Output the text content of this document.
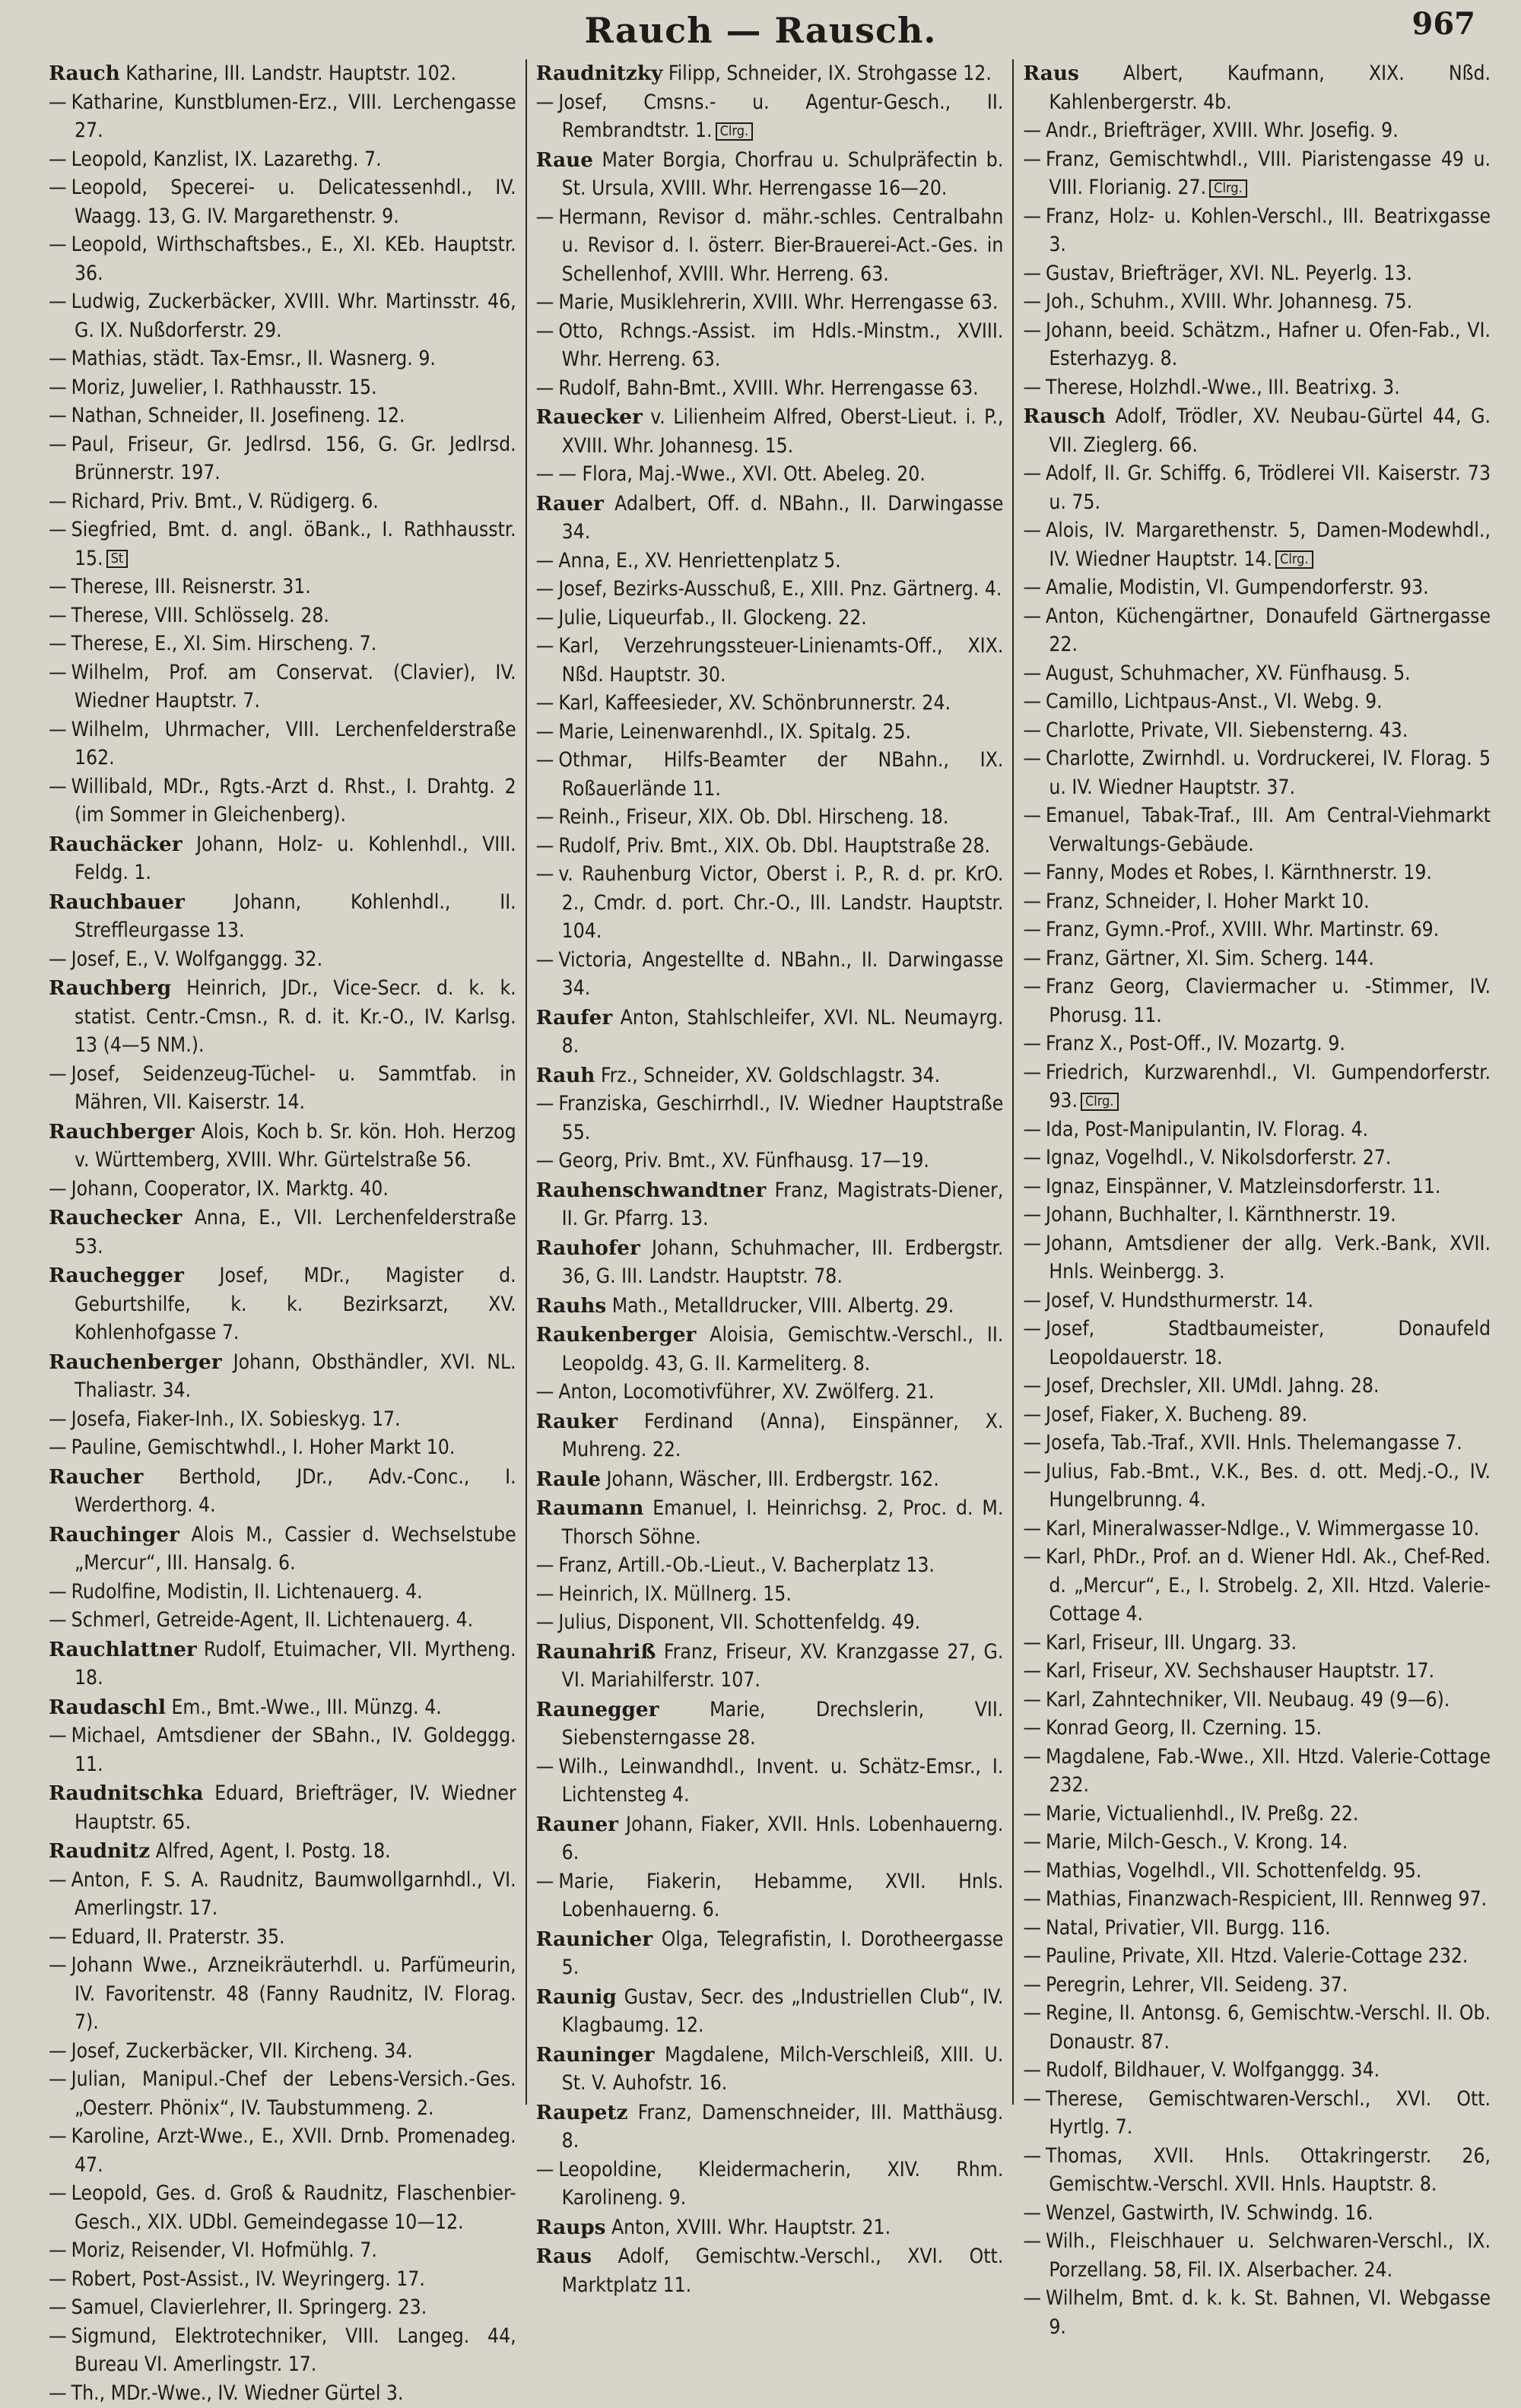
Rauch — Rausch.	967
Rauch Katharine, III. Landstr. Hauptstr. 102.
— Katharine, Kunstblumen-Erz., VIII. Lerchengasse 27.
— Leopold, Kanzlist, IX. Lazarethg. 7.
— Leopold, Specerei- u. Delicatessenhdl., IV. Waagg. 13, G. IV. Margarethenstr. 9.
— Leopold, Wirthschaftsbes., E., XI. KEb. Hauptstr. 36.
— Ludwig, Zuckerbäcker, XVIII. Whr. Martinsstr. 46, G. IX. Nußdorferstr. 29.
— Mathias, städt. Tax-Emsr., II. Wasnerg. 9.
— Moriz, Juwelier, I. Rathhausstr. 15.
— Nathan, Schneider, II. Josefineng. 12.
— Paul, Friseur, Gr. Jedlrsd. 156, G. Gr. Jedlrsd. Brünnerstr. 197.
— Richard, Priv. Bmt., V. Rüdigerg. 6.
— Siegfried, Bmt. d. angl. öBank., I. Rathhausstr. 15. St
— Therese, III. Reisnerstr. 31.
— Therese, VIII. Schlösselg. 28.
— Therese, E., XI. Sim. Hirscheng. 7.
— Wilhelm, Prof. am Conservat. (Clavier), IV. Wiedner Hauptstr. 7.
— Wilhelm, Uhrmacher, VIII. Lerchenfelderstraße 162.
— Willibald, MDr., Rgts.-Arzt d. Rhst., I. Drahtg. 2 (im Sommer in Gleichenberg).
Rauchäcker Johann, Holz- u. Kohlenhdl., VIII. Feldg. 1.
Rauchbauer Johann, Kohlenhdl., II. Streffleurgasse 13.
— Josef, E., V. Wolfganggg. 32.
Rauchberg Heinrich, JDr., Vice-Secr. d. k. k. statist. Centr.-Cmsn., R. d. it. Kr.-O., IV. Karlsg. 13 (4—5 NM.).
— Josef, Seidenzeug-Tüchel- u. Sammtfab. in Mähren, VII. Kaiserstr. 14.
Rauchberger Alois, Koch b. Sr. kön. Hoh. Herzog v. Württemberg, XVIII. Whr. Gürtelstraße 56.
— Johann, Cooperator, IX. Marktg. 40.
Rauchecker Anna, E., VII. Lerchenfelderstraße 53.
Rauchegger Josef, MDr., Magister d. Geburtshilfe, k. k. Bezirksarzt, XV. Kohlenhofgasse 7.
Rauchenberger Johann, Obsthändler, XVI. NL. Thaliastr. 34.
— Josefa, Fiaker-Inh., IX. Sobieskyg. 17.
— Pauline, Gemischtwhdl., I. Hoher Markt 10.
Raucher Berthold, JDr., Adv.-Conc., I. Werderthorg. 4.
Rauchinger Alois M., Cassier d. Wechselstube „Mercur“, III. Hansalg. 6.
— Rudolfine, Modistin, II. Lichtenauerg. 4.
— Schmerl, Getreide-Agent, II. Lichtenauerg. 4.
Rauchlattner Rudolf, Etuimacher, VII. Myrtheng. 18.
Raudaschl Em., Bmt.-Wwe., III. Münzg. 4.
— Michael, Amtsdiener der SBahn., IV. Goldeggg. 11.
Raudnitschka Eduard, Briefträger, IV. Wiedner Hauptstr. 65.
Raudnitz Alfred, Agent, I. Postg. 18.
— Anton, F. S. A. Raudnitz, Baumwollgarnhdl., VI. Amerlingstr. 17.
— Eduard, II. Praterstr. 35.
— Johann Wwe., Arzneikräuterhdl. u. Parfümeurin, IV. Favoritenstr. 48 (Fanny Raudnitz, IV. Florag. 7).
— Josef, Zuckerbäcker, VII. Kircheng. 34.
— Julian, Manipul.-Chef der Lebens-Versich.-Ges. „Oesterr. Phönix“, IV. Taubstummeng. 2.
— Karoline, Arzt-Wwe., E., XVII. Drnb. Promenadeg. 47.
— Leopold, Ges. d. Groß & Raudnitz, Flaschenbier-Gesch., XIX. UDbl. Gemeindegasse 10—12.
— Moriz, Reisender, VI. Hofmühlg. 7.
— Robert, Post-Assist., IV. Weyringerg. 17.
— Samuel, Clavierlehrer, II. Springerg. 23.
— Sigmund, Elektrotechniker, VIII. Langeg. 44, Bureau VI. Amerlingstr. 17.
— Th., MDr.-Wwe., IV. Wiedner Gürtel 3.
Raudnitzky Filipp, Schneider, IX. Strohgasse 12.
— Josef, Cmsns.- u. Agentur-Gesch., II. Rembrandtstr. 1. Clrg.
Raue Mater Borgia, Chorfrau u. Schulpräfectin b. St. Ursula, XVIII. Whr. Herrengasse 16—20.
— Hermann, Revisor d. mähr.-schles. Centralbahn u. Revisor d. I. österr. Bier-Brauerei-Act.-Ges. in Schellenhof, XVIII. Whr. Herreng. 63.
— Marie, Musiklehrerin, XVIII. Whr. Herrengasse 63.
— Otto, Rchngs.-Assist. im Hdls.-Minstm., XVIII. Whr. Herreng. 63.
— Rudolf, Bahn-Bmt., XVIII. Whr. Herrengasse 63.
Rauecker v. Lilienheim Alfred, Oberst-Lieut. i. P., XVIII. Whr. Johannesg. 15.
— — Flora, Maj.-Wwe., XVI. Ott. Abeleg. 20.
Rauer Adalbert, Off. d. NBahn., II. Darwingasse 34.
— Anna, E., XV. Henriettenplatz 5.
— Josef, Bezirks-Ausschuß, E., XIII. Pnz. Gärtnerg. 4.
— Julie, Liqueurfab., II. Glockeng. 22.
— Karl, Verzehrungssteuer-Linienamts-Off., XIX. Nßd. Hauptstr. 30.
— Karl, Kaffeesieder, XV. Schönbrunnerstr. 24.
— Marie, Leinenwarenhdl., IX. Spitalg. 25.
— Othmar, Hilfs-Beamter der NBahn., IX. Roßauerlände 11.
— Reinh., Friseur, XIX. Ob. Dbl. Hirscheng. 18.
— Rudolf, Priv. Bmt., XIX. Ob. Dbl. Hauptstraße 28.
— v. Rauhenburg Victor, Oberst i. P., R. d. pr. KrO. 2., Cmdr. d. port. Chr.-O., III. Landstr. Hauptstr. 104.
— Victoria, Angestellte d. NBahn., II. Darwingasse 34.
Raufer Anton, Stahlschleifer, XVI. NL. Neumayrg. 8.
Rauh Frz., Schneider, XV. Goldschlagstr. 34.
— Franziska, Geschirrhdl., IV. Wiedner Hauptstraße 55.
— Georg, Priv. Bmt., XV. Fünfhausg. 17—19.
Rauhenschwandtner Franz, Magistrats-Diener, II. Gr. Pfarrg. 13.
Rauhofer Johann, Schuhmacher, III. Erdbergstr. 36, G. III. Landstr. Hauptstr. 78.
Rauhs Math., Metalldrucker, VIII. Albertg. 29.
Raukenberger Aloisia, Gemischtw.-Verschl., II. Leopoldg. 43, G. II. Karmeliterg. 8.
— Anton, Locomotivführer, XV. Zwölferg. 21.
Rauker Ferdinand (Anna), Einspänner, X. Muhreng. 22.
Raule Johann, Wäscher, III. Erdbergstr. 162.
Raumann Emanuel, I. Heinrichsg. 2, Proc. d. M. Thorsch Söhne.
— Franz, Artill.-Ob.-Lieut., V. Bacherplatz 13.
— Heinrich, IX. Müllnerg. 15.
— Julius, Disponent, VII. Schottenfeldg. 49.
Raunahriß Franz, Friseur, XV. Kranzgasse 27, G. VI. Mariahilferstr. 107.
Raunegger	Marie, Drechslerin, VII. Siebensterngasse 28.
— Wilh., Leinwandhdl., Invent. u. Schätz-Emsr., I. Lichtensteg 4.
Rauner Johann, Fiaker, XVII. Hnls. Lobenhauerng. 6.
— Marie, Fiakerin, Hebamme, XVII. Hnls. Lobenhauerng. 6.
Raunicher Olga, Telegrafistin, I. Dorotheergasse 5.
Raunig Gustav, Secr. des „Industriellen Club“, IV. Klagbaumg. 12.
Rauninger Magdalene, Milch-Verschleiß, XIII. U. St. V. Auhofstr. 16.
Raupetz Franz, Damenschneider, III. Matthäusg. 8.
— Leopoldine, Kleidermacherin, XIV. Rhm. Karolineng. 9.
Raups Anton, XVIII. Whr. Hauptstr. 21.
Raus Adolf, Gemischtw.-Verschl., XVI. Ott. Marktplatz 11.
Raus Albert, Kaufmann, XIX. Nßd. Kahlenbergerstr. 4b.
— Andr., Briefträger, XVIII. Whr. Josefig. 9.
— Franz, Gemischtwhdl., VIII. Piaristengasse 49 u. VIII. Florianig. 27. Clrg.
— Franz, Holz- u. Kohlen-Verschl., III. Beatrixgasse 3.
— Gustav, Briefträger, XVI. NL. Peyerlg. 13.
— Joh., Schuhm., XVIII. Whr. Johannesg. 75.
— Johann, beeid. Schätzm., Hafner u. Ofen-Fab., VI. Esterhazyg. 8.
— Therese, Holzhdl.-Wwe., III. Beatrixg. 3.
Rausch Adolf, Trödler, XV. Neubau-Gürtel 44, G. VII. Zieglerg. 66.
— Adolf, II. Gr. Schiffg. 6, Trödlerei VII. Kaiserstr. 73 u. 75.
— Alois, IV. Margarethenstr. 5, Damen-Modewhdl., IV. Wiedner Hauptstr. 14. Clrg.
— Amalie, Modistin, VI. Gumpendorferstr. 93.
— Anton, Küchengärtner, Donaufeld Gärtnergasse 22.
— August, Schuhmacher, XV. Fünfhausg. 5.
— Camillo, Lichtpaus-Anst., VI. Webg. 9.
— Charlotte, Private, VII. Siebensterng. 43.
— Charlotte, Zwirnhdl. u. Vordruckerei, IV. Florag. 5 u. IV. Wiedner Hauptstr. 37.
— Emanuel, Tabak-Traf., III. Am Central-Viehmarkt Verwaltungs-Gebäude.
— Fanny, Modes et Robes, I. Kärnthnerstr. 19.
— Franz, Schneider, I. Hoher Markt 10.
— Franz, Gymn.-Prof., XVIII. Whr. Martinstr. 69.
— Franz, Gärtner, XI. Sim. Scherg. 144.
— Franz Georg, Claviermacher u. -Stimmer, IV. Phorusg. 11.
— Franz X., Post-Off., IV. Mozartg. 9.
— Friedrich, Kurzwarenhdl., VI. Gumpendorferstr. 93. Clrg.
— Ida, Post-Manipulantin, IV. Florag. 4.
— Ignaz, Vogelhdl., V. Nikolsdorferstr. 27.
— Ignaz, Einspänner, V. Matzleinsdorferstr. 11.
— Johann, Buchhalter, I. Kärnthnerstr. 19.
— Johann, Amtsdiener der allg. Verk.-Bank, XVII. Hnls. Weinbergg. 3.
— Josef, V. Hundsthurmerstr. 14.
— Josef, Stadtbaumeister, Donaufeld Leopoldauerstr. 18.
— Josef, Drechsler, XII. UMdl. Jahng. 28.
— Josef, Fiaker, X. Bucheng. 89.
— Josefa, Tab.-Traf., XVII. Hnls. Thelemangasse 7.
— Julius, Fab.-Bmt., V.K., Bes. d. ott. Medj.-O., IV. Hungelbrunng. 4.
— Karl, Mineralwasser-Ndlge., V. Wimmergasse 10.
— Karl, PhDr., Prof. an d. Wiener Hdl. Ak., Chef-Red. d. „Mercur“, E., I. Strobelg. 2, XII. Htzd. Valerie-Cottage 4.
— Karl, Friseur, III. Ungarg. 33.
— Karl, Friseur, XV. Sechshauser Hauptstr. 17.
— Karl, Zahntechniker, VII. Neubaug. 49 (9—6).
— Konrad Georg, II. Czerning. 15.
— Magdalene, Fab.-Wwe., XII. Htzd. Valerie-Cottage 232.
— Marie, Victualienhdl., IV. Preßg. 22.
— Marie, Milch-Gesch., V. Krong. 14.
— Mathias, Vogelhdl., VII. Schottenfeldg. 95.
— Mathias, Finanzwach-Respicient, III. Rennweg 97.
— Natal, Privatier, VII. Burgg. 116.
— Pauline, Private, XII. Htzd. Valerie-Cottage 232.
— Peregrin, Lehrer, VII. Seideng. 37.
— Regine, II. Antonsg. 6, Gemischtw.-Verschl. II. Ob. Donaustr. 87.
— Rudolf, Bildhauer, V. Wolfganggg. 34.
— Therese, Gemischtwaren-Verschl., XVI. Ott. Hyrtlg. 7.
— Thomas, XVII. Hnls. Ottakringerstr. 26, Gemischtw.-Verschl. XVII. Hnls. Hauptstr. 8.
— Wenzel, Gastwirth, IV. Schwindg. 16.
— Wilh., Fleischhauer u. Selchwaren-Verschl., IX. Porzellang. 58, Fil. IX. Alserbacher. 24.
— Wilhelm, Bmt. d. k. k. St. Bahnen, VI. Webgasse 9.
